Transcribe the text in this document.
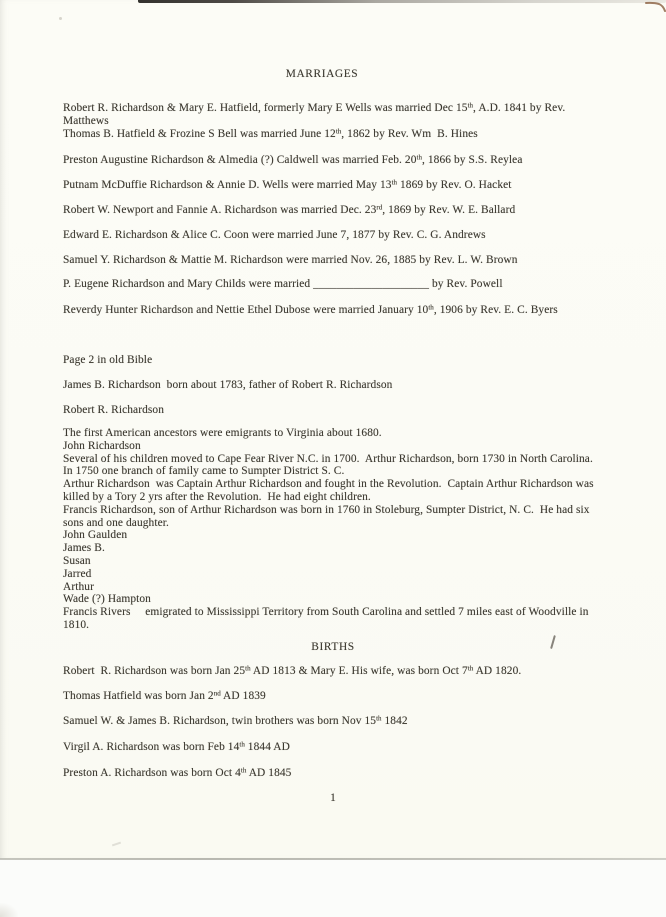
MARRIAGES
Robert R. Richardson & Mary E. Hatfield, formerly Mary E Wells was married Dec 15th, A.D. 1841 by Rev.
Matthews
Thomas B. Hatfield & Frozine S Bell was married June 12th, 1862 by Rev. Wm  B. Hines
Preston Augustine Richardson & Almedia (?) Caldwell was married Feb. 20th, 1866 by S.S. Reylea
Putnam McDuffie Richardson & Annie D. Wells were married May 13th 1869 by Rev. O. Hacket
Robert W. Newport and Fannie A. Richardson was married Dec. 23rd, 1869 by Rev. W. E. Ballard
Edward E. Richardson & Alice C. Coon were married June 7, 1877 by Rev. C. G. Andrews
Samuel Y. Richardson & Mattie M. Richardson were married Nov. 26, 1885 by Rev. L. W. Brown
P. Eugene Richardson and Mary Childs were married ____________________ by Rev. Powell
Reverdy Hunter Richardson and Nettie Ethel Dubose were married January 10th, 1906 by Rev. E. C. Byers
Page 2 in old Bible
James B. Richardson  born about 1783, father of Robert R. Richardson
Robert R. Richardson
The first American ancestors were emigrants to Virginia about 1680.
John Richardson
Several of his children moved to Cape Fear River N.C. in 1700.  Arthur Richardson, born 1730 in North Carolina.
In 1750 one branch of family came to Sumpter District S. C.
Arthur Richardson  was Captain Arthur Richardson and fought in the Revolution.  Captain Arthur Richardson was
killed by a Tory 2 yrs after the Revolution.  He had eight children.
Francis Richardson, son of Arthur Richardson was born in 1760 in Stoleburg, Sumpter District, N. C.  He had six
sons and one daughter.
John Gaulden
James B.
Susan
Jarred
Arthur
Wade (?) Hampton
Francis Rivers     emigrated to Mississippi Territory from South Carolina and settled 7 miles east of Woodville in
1810.
BIRTHS
Robert  R. Richardson was born Jan 25th AD 1813 & Mary E. His wife, was born Oct 7th AD 1820.
Thomas Hatfield was born Jan 2nd AD 1839
Samuel W. & James B. Richardson, twin brothers was born Nov 15th 1842
Virgil A. Richardson was born Feb 14th 1844 AD
Preston A. Richardson was born Oct 4th AD 1845
1
